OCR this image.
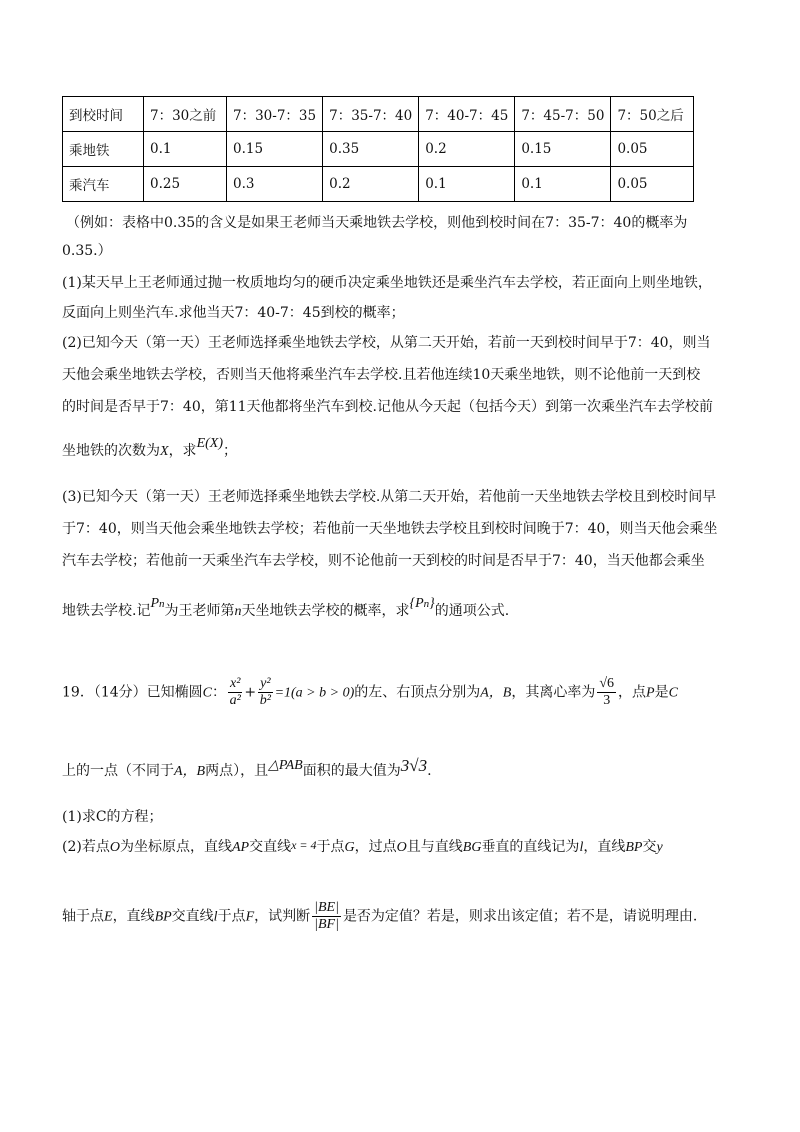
到校时间	7：30之前	7：30-7：35	7：35-7：40	7：40-7：45	7：45-7：50	7：50之后
乘地铁	0.1	0.15	0.35	0.2	0.15	0.05
乘汽车	0.25	0.3	0.2	0.1	0.1	0.05
（例如：表格中0.35的含义是如果王老师当天乘地铁去学校，则他到校时间在7：35-7：40的概率为
0.35.）
(1)某天早上王老师通过抛一枚质地均匀的硬币决定乘坐地铁还是乘坐汽车去学校，若正面向上则坐地铁，
反面向上则坐汽车.求他当天7：40-7：45到校的概率；
(2)已知今天（第一天）王老师选择乘坐地铁去学校，从第二天开始，若前一天到校时间早于7：40，则当
天他会乘坐地铁去学校，否则当天他将乘坐汽车去学校.且若他连续10天乘坐地铁，则不论他前一天到校
的时间是否早于7：40，第11天他都将坐汽车到校.记他从今天起（包括今天）到第一次乘坐汽车去学校前
坐地铁的次数为X，求E(X)；
(3)已知今天（第一天）王老师选择乘坐地铁去学校.从第二天开始，若他前一天坐地铁去学校且到校时间早
于7：40，则当天他会乘坐地铁去学校；若他前一天坐地铁去学校且到校时间晚于7：40，则当天他会乘坐
汽车去学校；若他前一天乘坐汽车去学校，则不论他前一天到校的时间是否早于7：40，当天他都会乘坐
地铁去学校.记Pn为王老师第n天坐地铁去学校的概率，求{Pn}的通项公式.
19．（14分）已知椭圆C： $\frac{\text{x²}}{\text{a²}} + \frac{\text{y²}}{\text{b²}} =1(a > b > 0)$的左、右顶点分别为A，B，其离心率为 $\frac{√6}{3}$ ，点P是C
上的一点（不同于A，B两点），且△PAB面积的最大值为3√3.
(1)求C的方程；
(2)若点O为坐标原点，直线AP交直线x = 4于点G，过点O且与直线BG垂直的直线记为l，直线BP交y
轴于点E，直线BP交直线l于点F，试判断 $\frac{|BE|}{|BF|}$ 是否为定值？若是，则求出该定值；若不是，请说明理由.
